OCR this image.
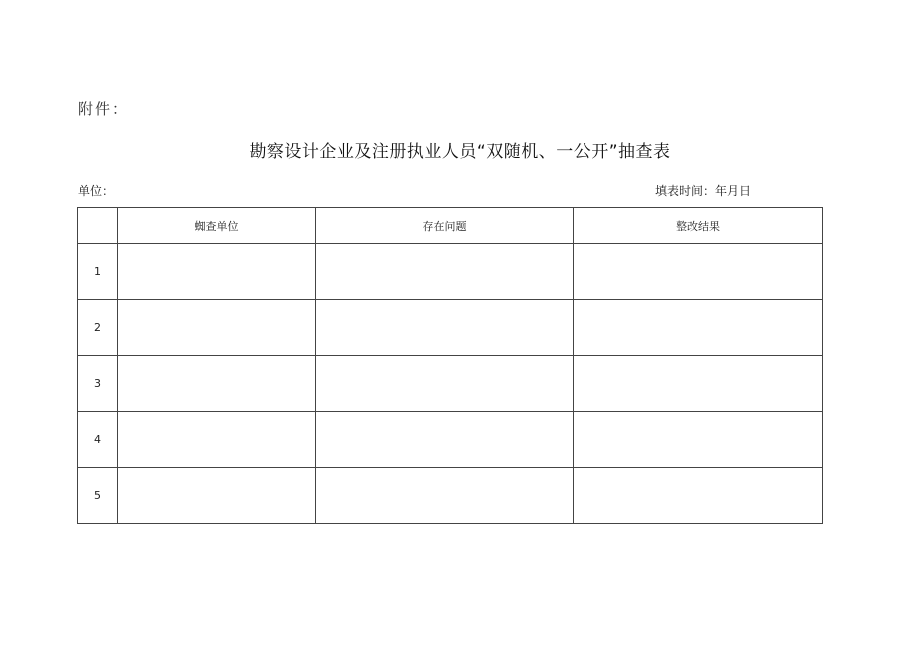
附件：
勘察设计企业及注册执业人员“双随机、一公开”抽查表
单位：	填表时间：年月日
	蜘查单位	存在问题	整改结果
1			
2			
3			
4			
5			
